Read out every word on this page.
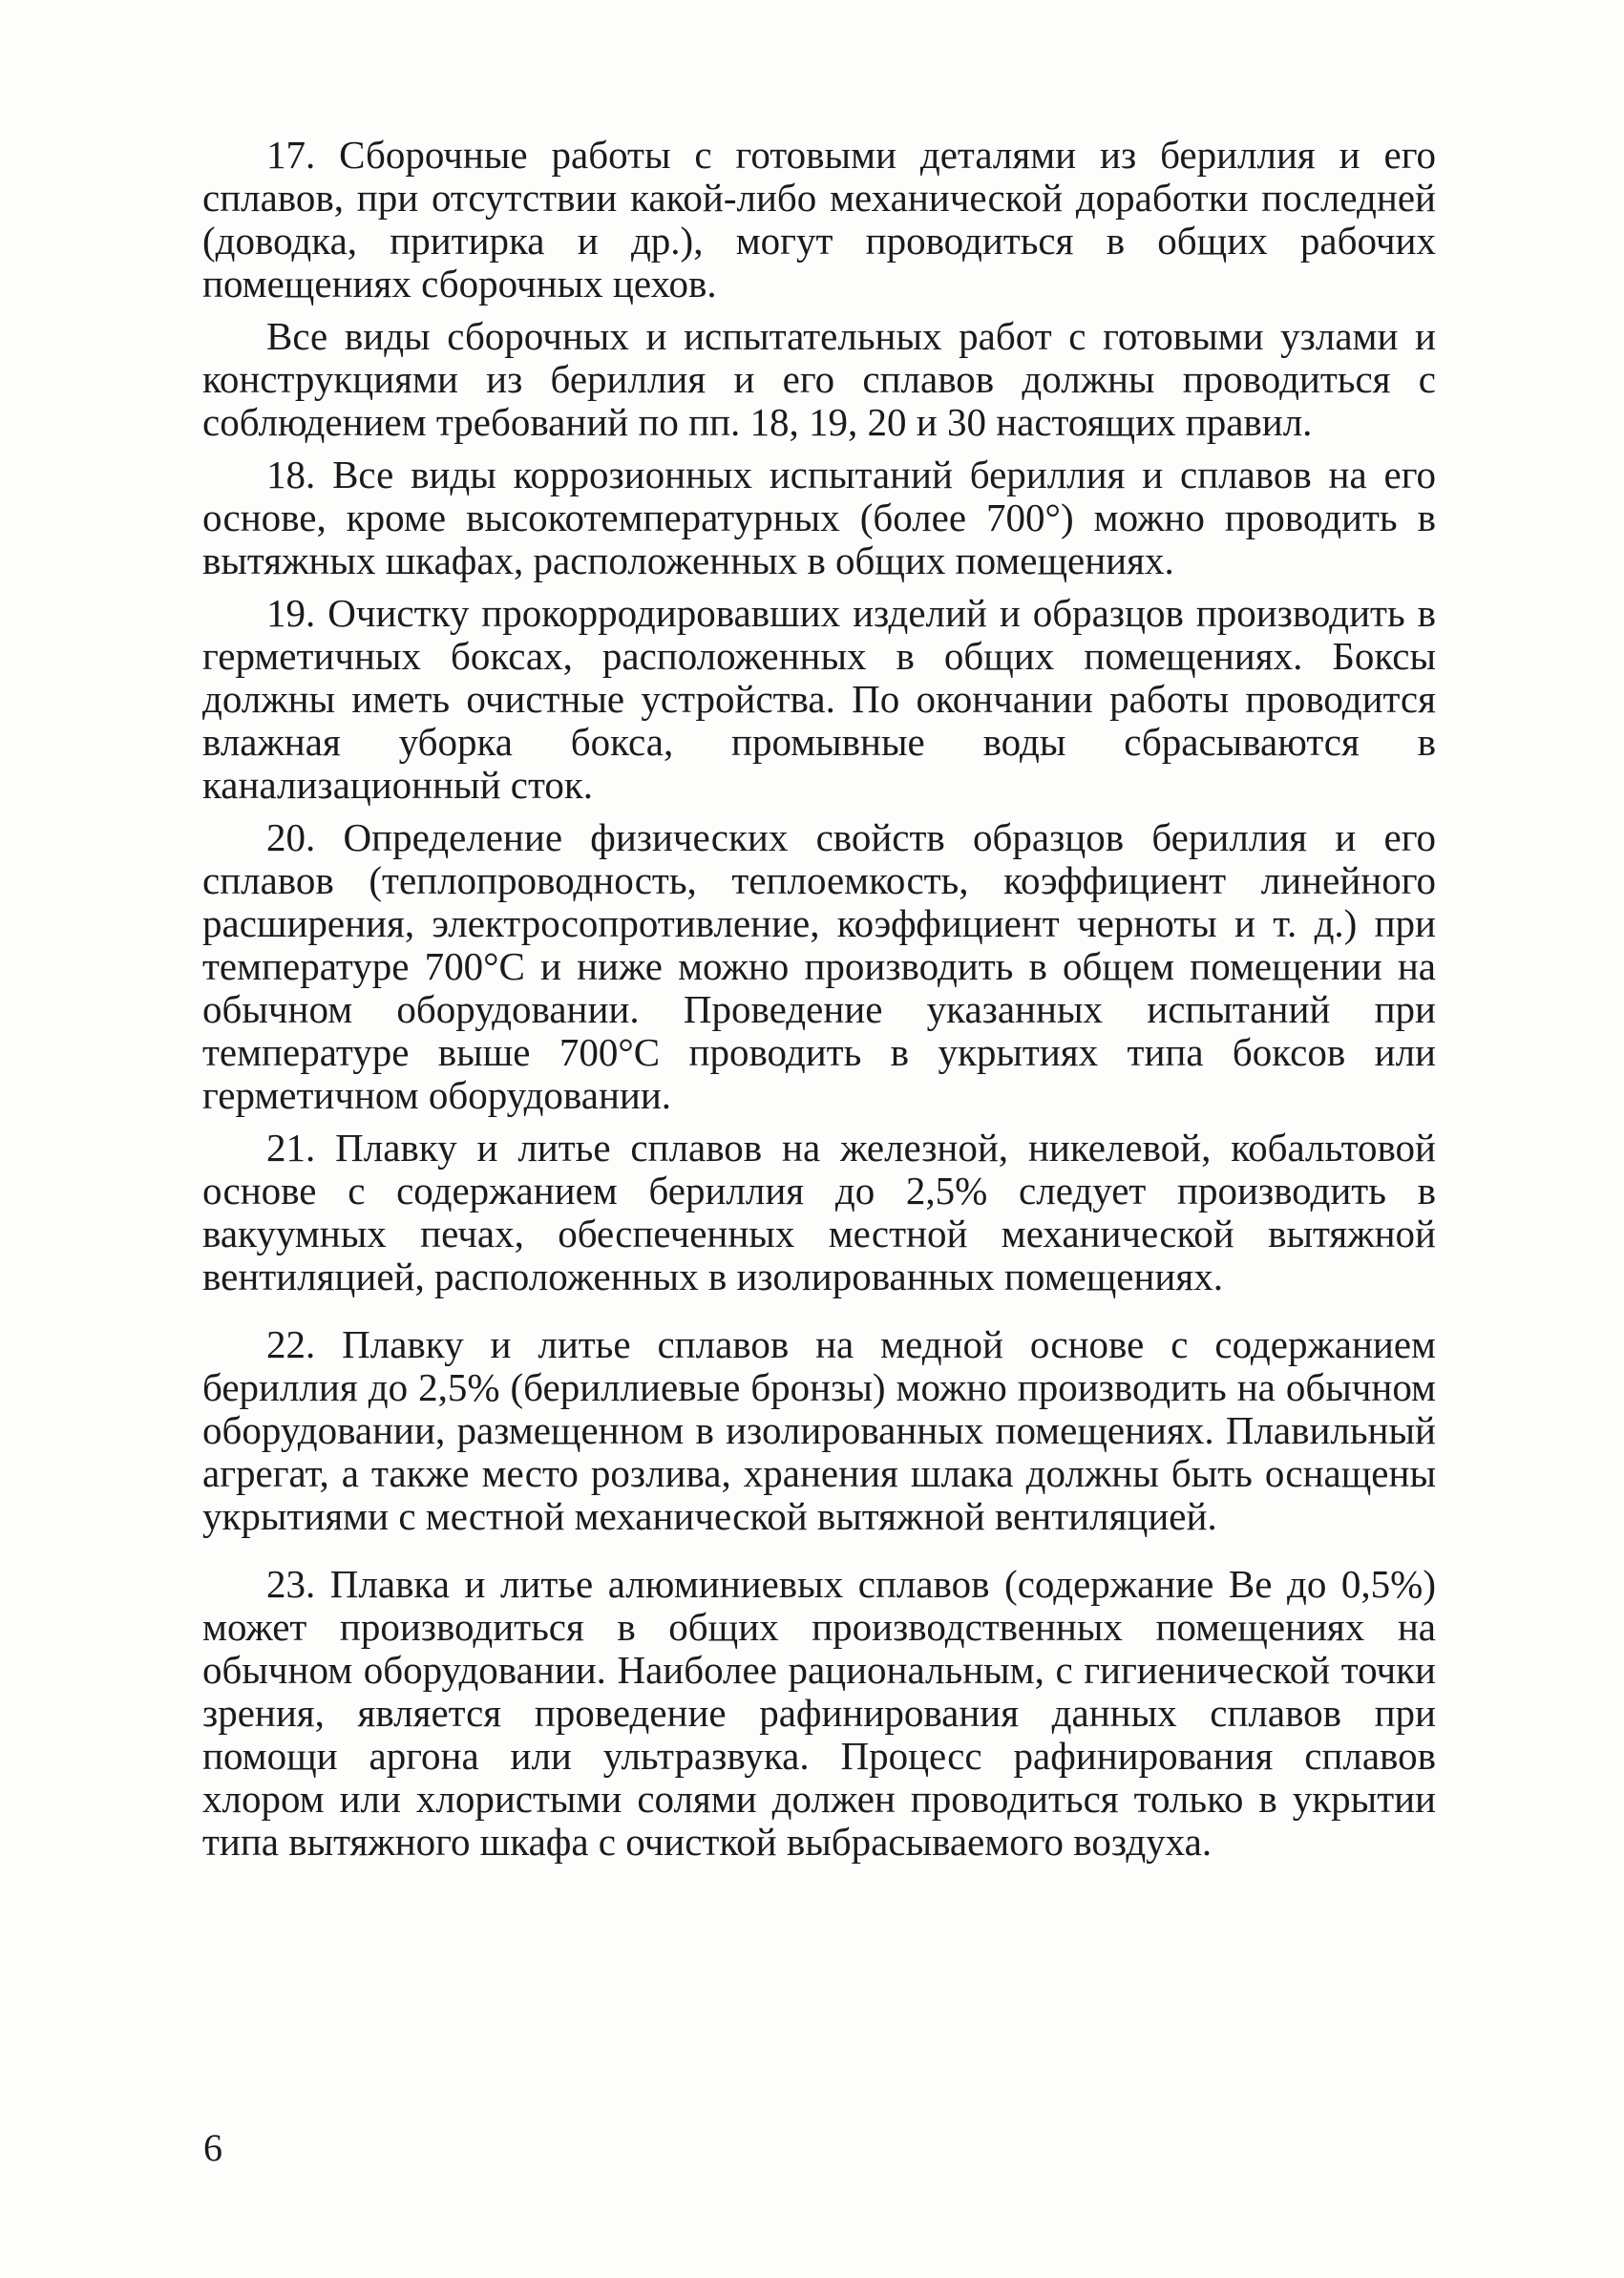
17. Сборочные работы с готовыми деталями из бериллия и его сплавов, при отсутствии какой-либо механической доработки последней (доводка, притирка и др.), могут проводиться в общих рабочих помещениях сборочных цехов.

Все виды сборочных и испытательных работ с готовыми узлами и конструкциями из бериллия и его сплавов должны проводиться с соблюдением требований по пп. 18, 19, 20 и 30 настоящих правил.

18. Все виды коррозионных испытаний бериллия и сплавов на его основе, кроме высокотемпературных (более 700°) можно проводить в вытяжных шкафах, расположенных в общих помещениях.

19. Очистку прокорродировавших изделий и образцов производить в герметичных боксах, расположенных в общих помещениях. Боксы должны иметь очистные устройства. По окончании работы проводится влажная уборка бокса, промывные воды сбрасываются в канализационный сток.

20. Определение физических свойств образцов бериллия и его сплавов (теплопроводность, теплоемкость, коэффициент линейного расширения, электросопротивление, коэффициент черноты и т. д.) при температуре 700°С и ниже можно производить в общем помещении на обычном оборудовании. Проведение указанных испытаний при температуре выше 700°С проводить в укрытиях типа боксов или герметичном оборудовании.

21. Плавку и литье сплавов на железной, никелевой, кобальтовой основе с содержанием бериллия до 2,5% следует производить в вакуумных печах, обеспеченных местной механической вытяжной вентиляцией, расположенных в изолированных помещениях.

22. Плавку и литье сплавов на медной основе с содержанием бериллия до 2,5% (бериллиевые бронзы) можно производить на обычном оборудовании, размещенном в изолированных помещениях. Плавильный агрегат, а также место розлива, хранения шлака должны быть оснащены укрытиями с местной механической вытяжной вентиляцией.

23. Плавка и литье алюминиевых сплавов (содержание Ве до 0,5%) может производиться в общих производственных помещениях на обычном оборудовании. Наиболее рациональным, с гигиенической точки зрения, является проведение рафинирования данных сплавов при помощи аргона или ультразвука. Процесс рафинирования сплавов хлором или хлористыми солями должен проводиться только в укрытии типа вытяжного шкафа с очисткой выбрасываемого воздуха.

6
